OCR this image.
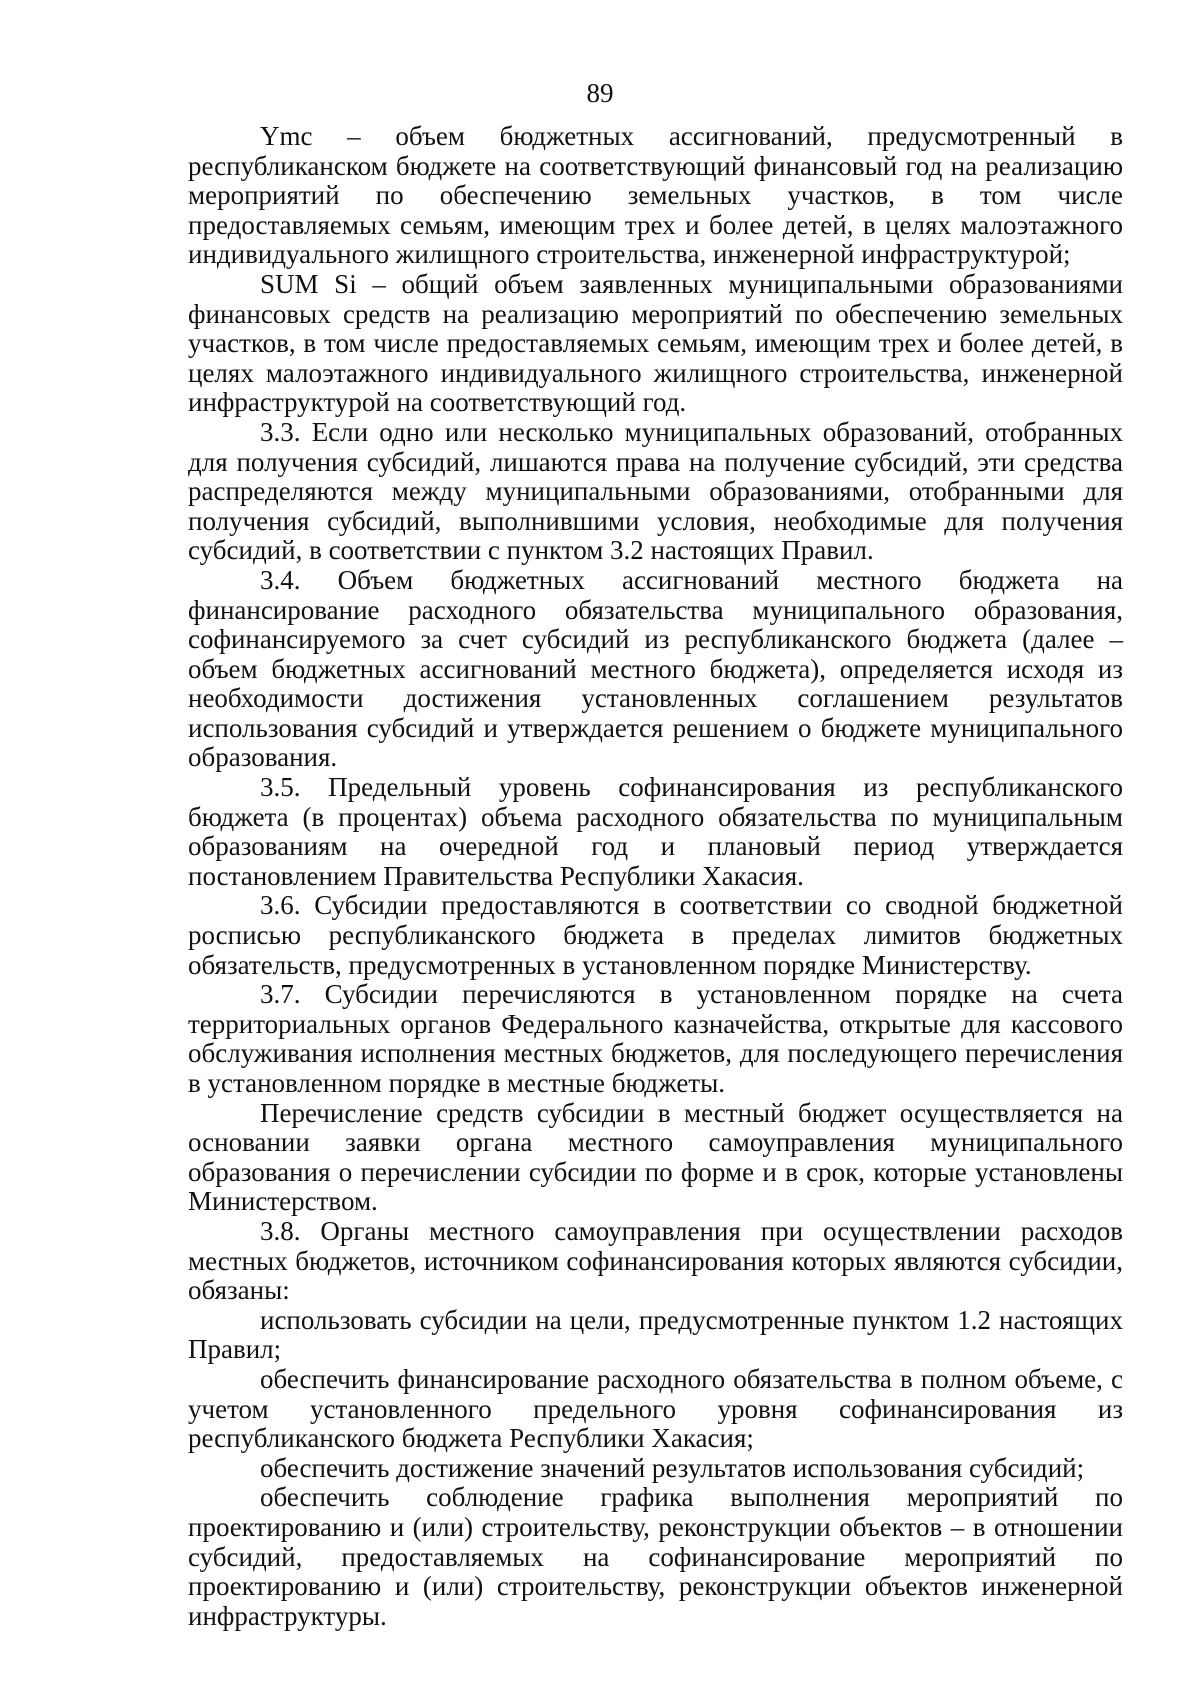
89

Ymc – объем бюджетных ассигнований, предусмотренный в республиканском бюджете на соответствующий финансовый год на реализацию мероприятий по обеспечению земельных участков, в том числе предоставляемых семьям, имеющим трех и более детей, в целях малоэтажного индивидуального жилищного строительства, инженерной инфраструктурой;

SUM Si – общий объем заявленных муниципальными образованиями финансовых средств на реализацию мероприятий по обеспечению земельных участков, в том числе предоставляемых семьям, имеющим трех и более детей, в целях малоэтажного индивидуального жилищного строительства, инженерной инфраструктурой на соответствующий год.

3.3. Если одно или несколько муниципальных образований, отобранных для получения субсидий, лишаются права на получение субсидий, эти средства распределяются между муниципальными образованиями, отобранными для получения субсидий, выполнившими условия, необходимые для получения субсидий, в соответствии с пунктом 3.2 настоящих Правил.

3.4. Объем бюджетных ассигнований местного бюджета на финансирование расходного обязательства муниципального образования, софинансируемого за счет субсидий из республиканского бюджета (далее – объем бюджетных ассигнований местного бюджета), определяется исходя из необходимости достижения установленных соглашением результатов использования субсидий и утверждается решением о бюджете муниципального образования.

3.5. Предельный уровень софинансирования из республиканского бюджета (в процентах) объема расходного обязательства по муниципальным образованиям на очередной год и плановый период утверждается постановлением Правительства Республики Хакасия.

3.6. Субсидии предоставляются в соответствии со сводной бюджетной росписью республиканского бюджета в пределах лимитов бюджетных обязательств, предусмотренных в установленном порядке Министерству.

3.7. Субсидии перечисляются в установленном порядке на счета территориальных органов Федерального казначейства, открытые для кассового обслуживания исполнения местных бюджетов, для последующего перечисления в установленном порядке в местные бюджеты.

Перечисление средств субсидии в местный бюджет осуществляется на основании заявки органа местного самоуправления муниципального образования о перечислении субсидии по форме и в срок, которые установлены Министерством.

3.8. Органы местного самоуправления при осуществлении расходов местных бюджетов, источником софинансирования которых являются субсидии, обязаны:

использовать субсидии на цели, предусмотренные пунктом 1.2 настоящих Правил;

обеспечить финансирование расходного обязательства в полном объеме, с учетом установленного предельного уровня софинансирования из республиканского бюджета Республики Хакасия;

обеспечить достижение значений результатов использования субсидий;

обеспечить соблюдение графика выполнения мероприятий по проектированию и (или) строительству, реконструкции объектов – в отношении субсидий, предоставляемых на софинансирование мероприятий по проектированию и (или) строительству, реконструкции объектов инженерной инфраструктуры.
